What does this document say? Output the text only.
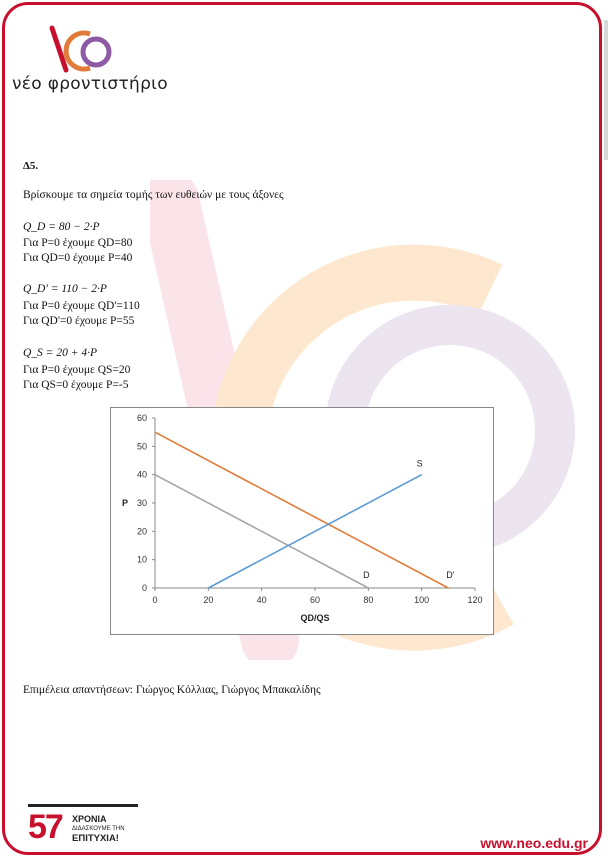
νέο φροντιστήριο
Δ5.
Βρίσκουμε τα σημεία τομής των ευθειών με τους άξονες
Q_D = 80 − 2·P
Για P=0 έχουμε QD=80
Για QD=0 έχουμε P=40
Q_D' = 110 − 2·P
Για P=0 έχουμε QD'=110
Για QD'=0 έχουμε P=55
Q_S = 20 + 4·P
Για P=0 έχουμε QS=20
Για QS=0 έχουμε P=-5
0	20	40	60	80	100	120
0
10
20
30
40
50
60
QD/QS
P
D	D'
S
Επιμέλεια απαντήσεων: Γιώργος Κόλλιας, Γιώργος Μπακαλίδης
57 ΧΡΟΝΙΑ
ΔΙΔΑΣΚΟΥΜΕ ΤΗΝ
ΕΠΙΤΥΧΙΑ!	www.neo.edu.gr
